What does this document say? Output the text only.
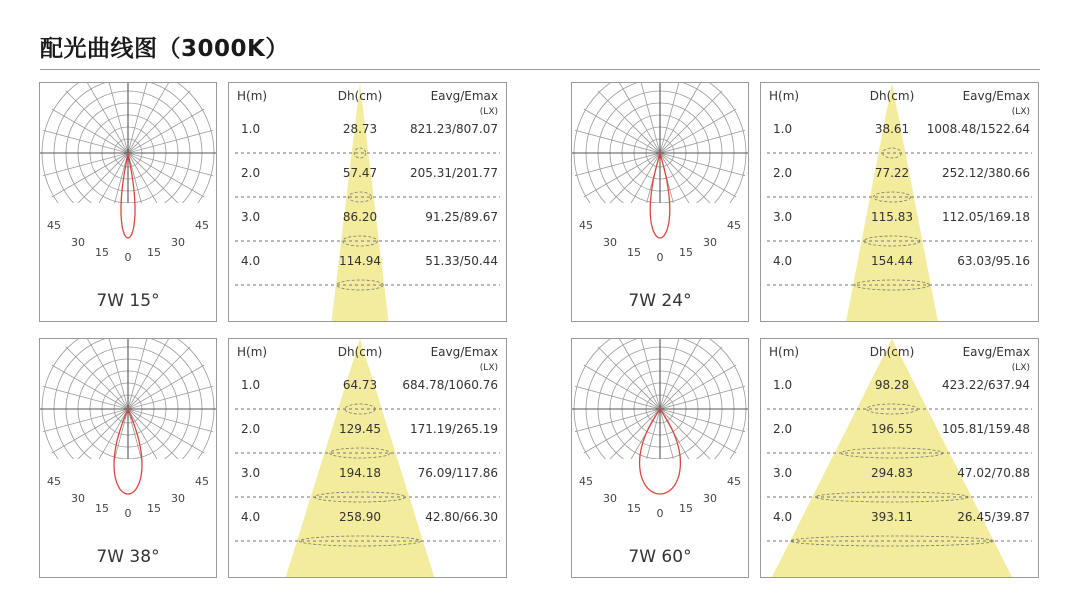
配光曲线图（3000K）
45
30
15 0 15
30
45
7W 15°
H(m)	Dh(cm)	Eavg/Emax
(LX)
1.0	28.73	821.23/807.07
2.0	57.47	205.31/201.77
3.0	86.20	91.25/89.67
4.0	114.94	51.33/50.44
45
30
15 0 15
30
45
7W 24°
H(m)	Dh(cm)	Eavg/Emax
(LX)
1.0	38.61 1008.48/1522.64
2.0	77.22	252.12/380.66
3.0	115.83 112.05/169.18
4.0	154.44	63.03/95.16
45
30
15 0 15
30
45
7W 38°
H(m)	Dh(cm)	Eavg/Emax
(LX)
1.0	64.73 684.78/1060.76
2.0	129.45 171.19/265.19
3.0	194.18	76.09/117.86
4.0	258.90	42.80/66.30
45
30
15 0 15
30
45
7W 60°
H(m)	Dh(cm)	Eavg/Emax
(LX)
1.0	98.28	423.22/637.94
2.0	196.55 105.81/159.48
3.0	294.83	47.02/70.88
4.0	393.11	26.45/39.87
